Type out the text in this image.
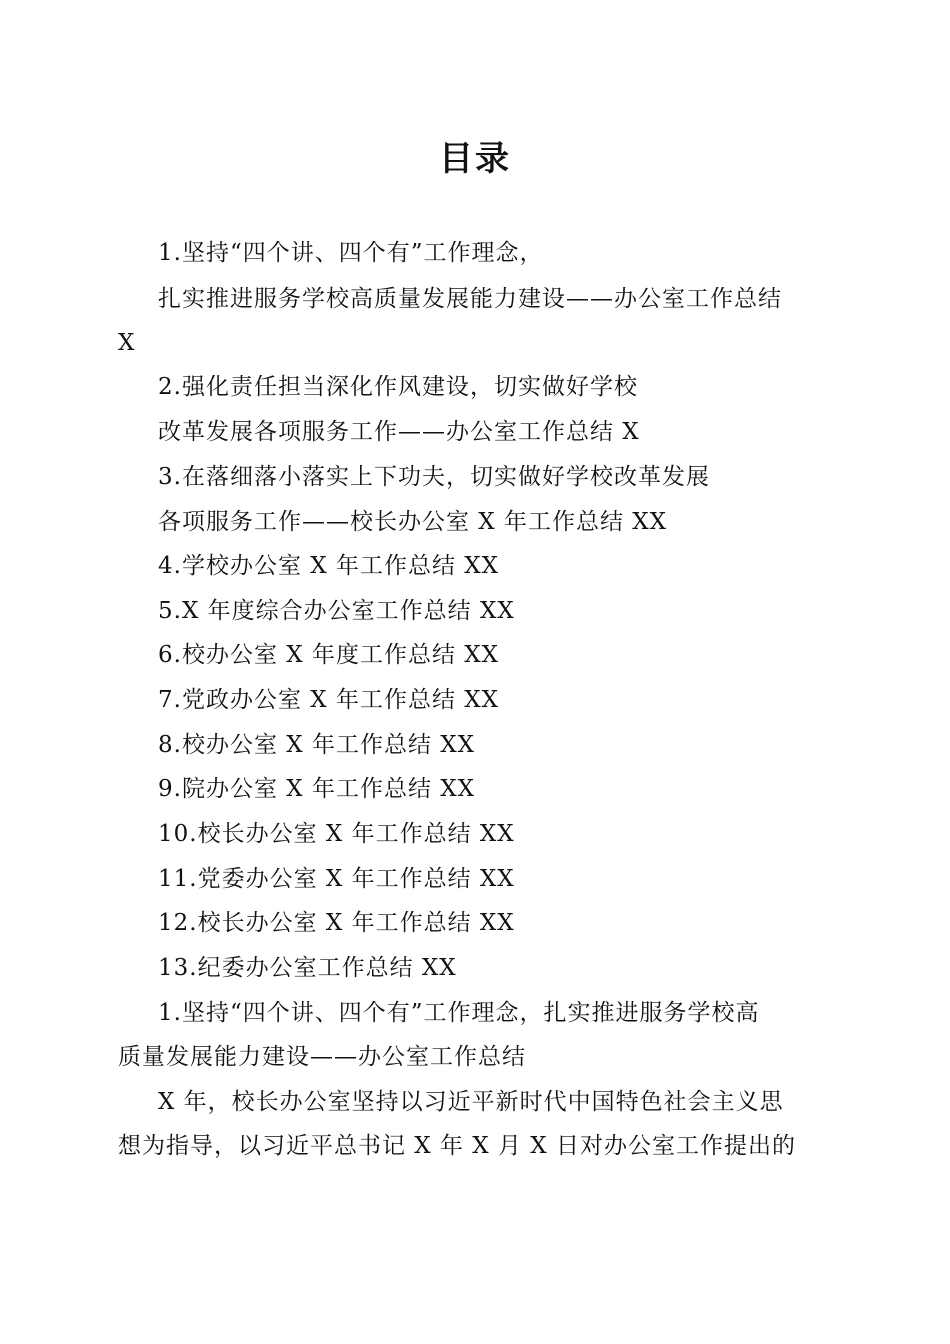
目录
1.坚持“四个讲、四个有”工作理念，
扎实推进服务学校高质量发展能力建设——办公室工作总结
X
2.强化责任担当深化作风建设，切实做好学校
改革发展各项服务工作——办公室工作总结 X
3.在落细落小落实上下功夫，切实做好学校改革发展
各项服务工作——校长办公室 X 年工作总结 XX
4.学校办公室 X 年工作总结 XX
5.X 年度综合办公室工作总结 XX
6.校办公室 X 年度工作总结 XX
7.党政办公室 X 年工作总结 XX
8.校办公室 X 年工作总结 XX
9.院办公室 X 年工作总结 XX
10.校长办公室 X 年工作总结 XX
11.党委办公室 X 年工作总结 XX
12.校长办公室 X 年工作总结 XX
13.纪委办公室工作总结 XX
1.坚持“四个讲、四个有”工作理念，扎实推进服务学校高
质量发展能力建设——办公室工作总结
X 年，校长办公室坚持以习近平新时代中国特色社会主义思
想为指导，以习近平总书记 X 年 X 月 X 日对办公室工作提出的
